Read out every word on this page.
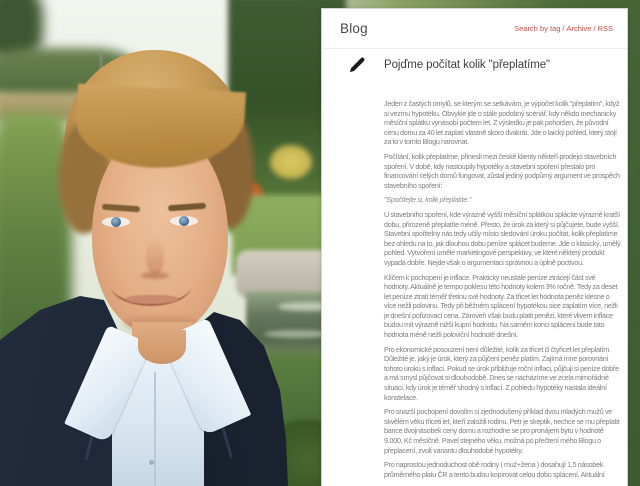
Blog	Search by tag / Archive / RSS
Pojďme počítat kolik "přeplatíme"

Jeden z častých omylů, se kterým se setkávám, je výpočet kolik "přeplatím", když si vezmu hypotéku. Obvykle jde o stále podobný scénář, kdy někdo mechanicky měsíční splátku vynásobí počtem let. Z výsledku je pak pohoršen, že původní cenu domu za 40 let zaplatí vlastně skoro dvakrát. Jde o laický pohled, který stojí za to v tomto Blogu narovnat.

Počítání, kolik přeplatíme, přinesli mezi české klienty někteří prodejci stavebních spoření. V době, kdy nastoupily hypotéky a stavební spoření přestalo pro financování celých domů fungovat, zůstal jediný podpůrný argument ve prospěch stavebního spoření:

"Spočítejte si, kolik přeplatíte."

U stavebního spoření, kde výrazně vyšší měsíční splátkou splácíte výrazně kratší dobu, přirozeně přeplatíte méně. Přesto, že úrok za který si půjčujete, bude vyšší. Stavební spořitelny nás tedy učily místo sledování úroku počítat, kolik přeplatíme bez ohledu na to, jak dlouhou dobu peníze splácet budeme. Jde o klasický, umělý pohled. Vytvoření umělé marketingové perspektivy, ve které některý produkt vypadá dobře. Nejde však o argumentaci správnou a úplně poctivou.

Klíčem k pochopení je inflace. Prakticky neustále peníze ztrácejí část své hodnoty. Aktuálně je tempo poklesu této hodnoty kolem 3% ročně. Tedy za deset let peníze ztratí téměř třetinu své hodnoty. Za třicet let hodnota peněz klesne o více nežli polovinu. Tedy při běžném splácení hypotékou sice zaplatím více, nežli je dnešní pořizovací cena. Zároveň však budu platit penězi, které vlivem inflace budou mít výrazně nižší kupní hodnotu. Na samém konci splácení bude tato hodnota méně nežli poloviční hodnotě dnešní.

Pro ekonomické posouzení není důležité, kolik za třicet či čtyřicet let přeplatím. Důležité je, jaký je úrok, který za půjčení peněz platím. Zajímá mne porovnání tohoto úroku s inflací. Pokud se úrok přibližuje roční inflaci, půjčuji si peníze dobře a má smysl půjčovat si dlouhodobě. Dnes se nacházíme ve zcela mimořádné situaci, kdy úrok je téměř shodný s inflací. Z pohledu hypotéky nastala ideální konstelace.

Pro snazší pochopení dovolím si zjednodušený příklad dvou mladých mužů ve skvělém věku třiceti let, kteří založili rodinu. Petr je skeptik, nechce se mu přeplatit bance dvojnásobek ceny domu a rozhodne se pro pronájem bytu v hodnotě 9.000, Kč měsíčně. Pavel stejného věku, možná po přečtení mého Blogu o přeplacení, zvolí variantu dlouhodobé hypotéky.

Pro naprostou jednoduchost obě rodiny ( muž+žena ) dosahují 1,5 násobek průměrného platu ČR a tento budou kopírovat celou dobu splácení. Aktuální
